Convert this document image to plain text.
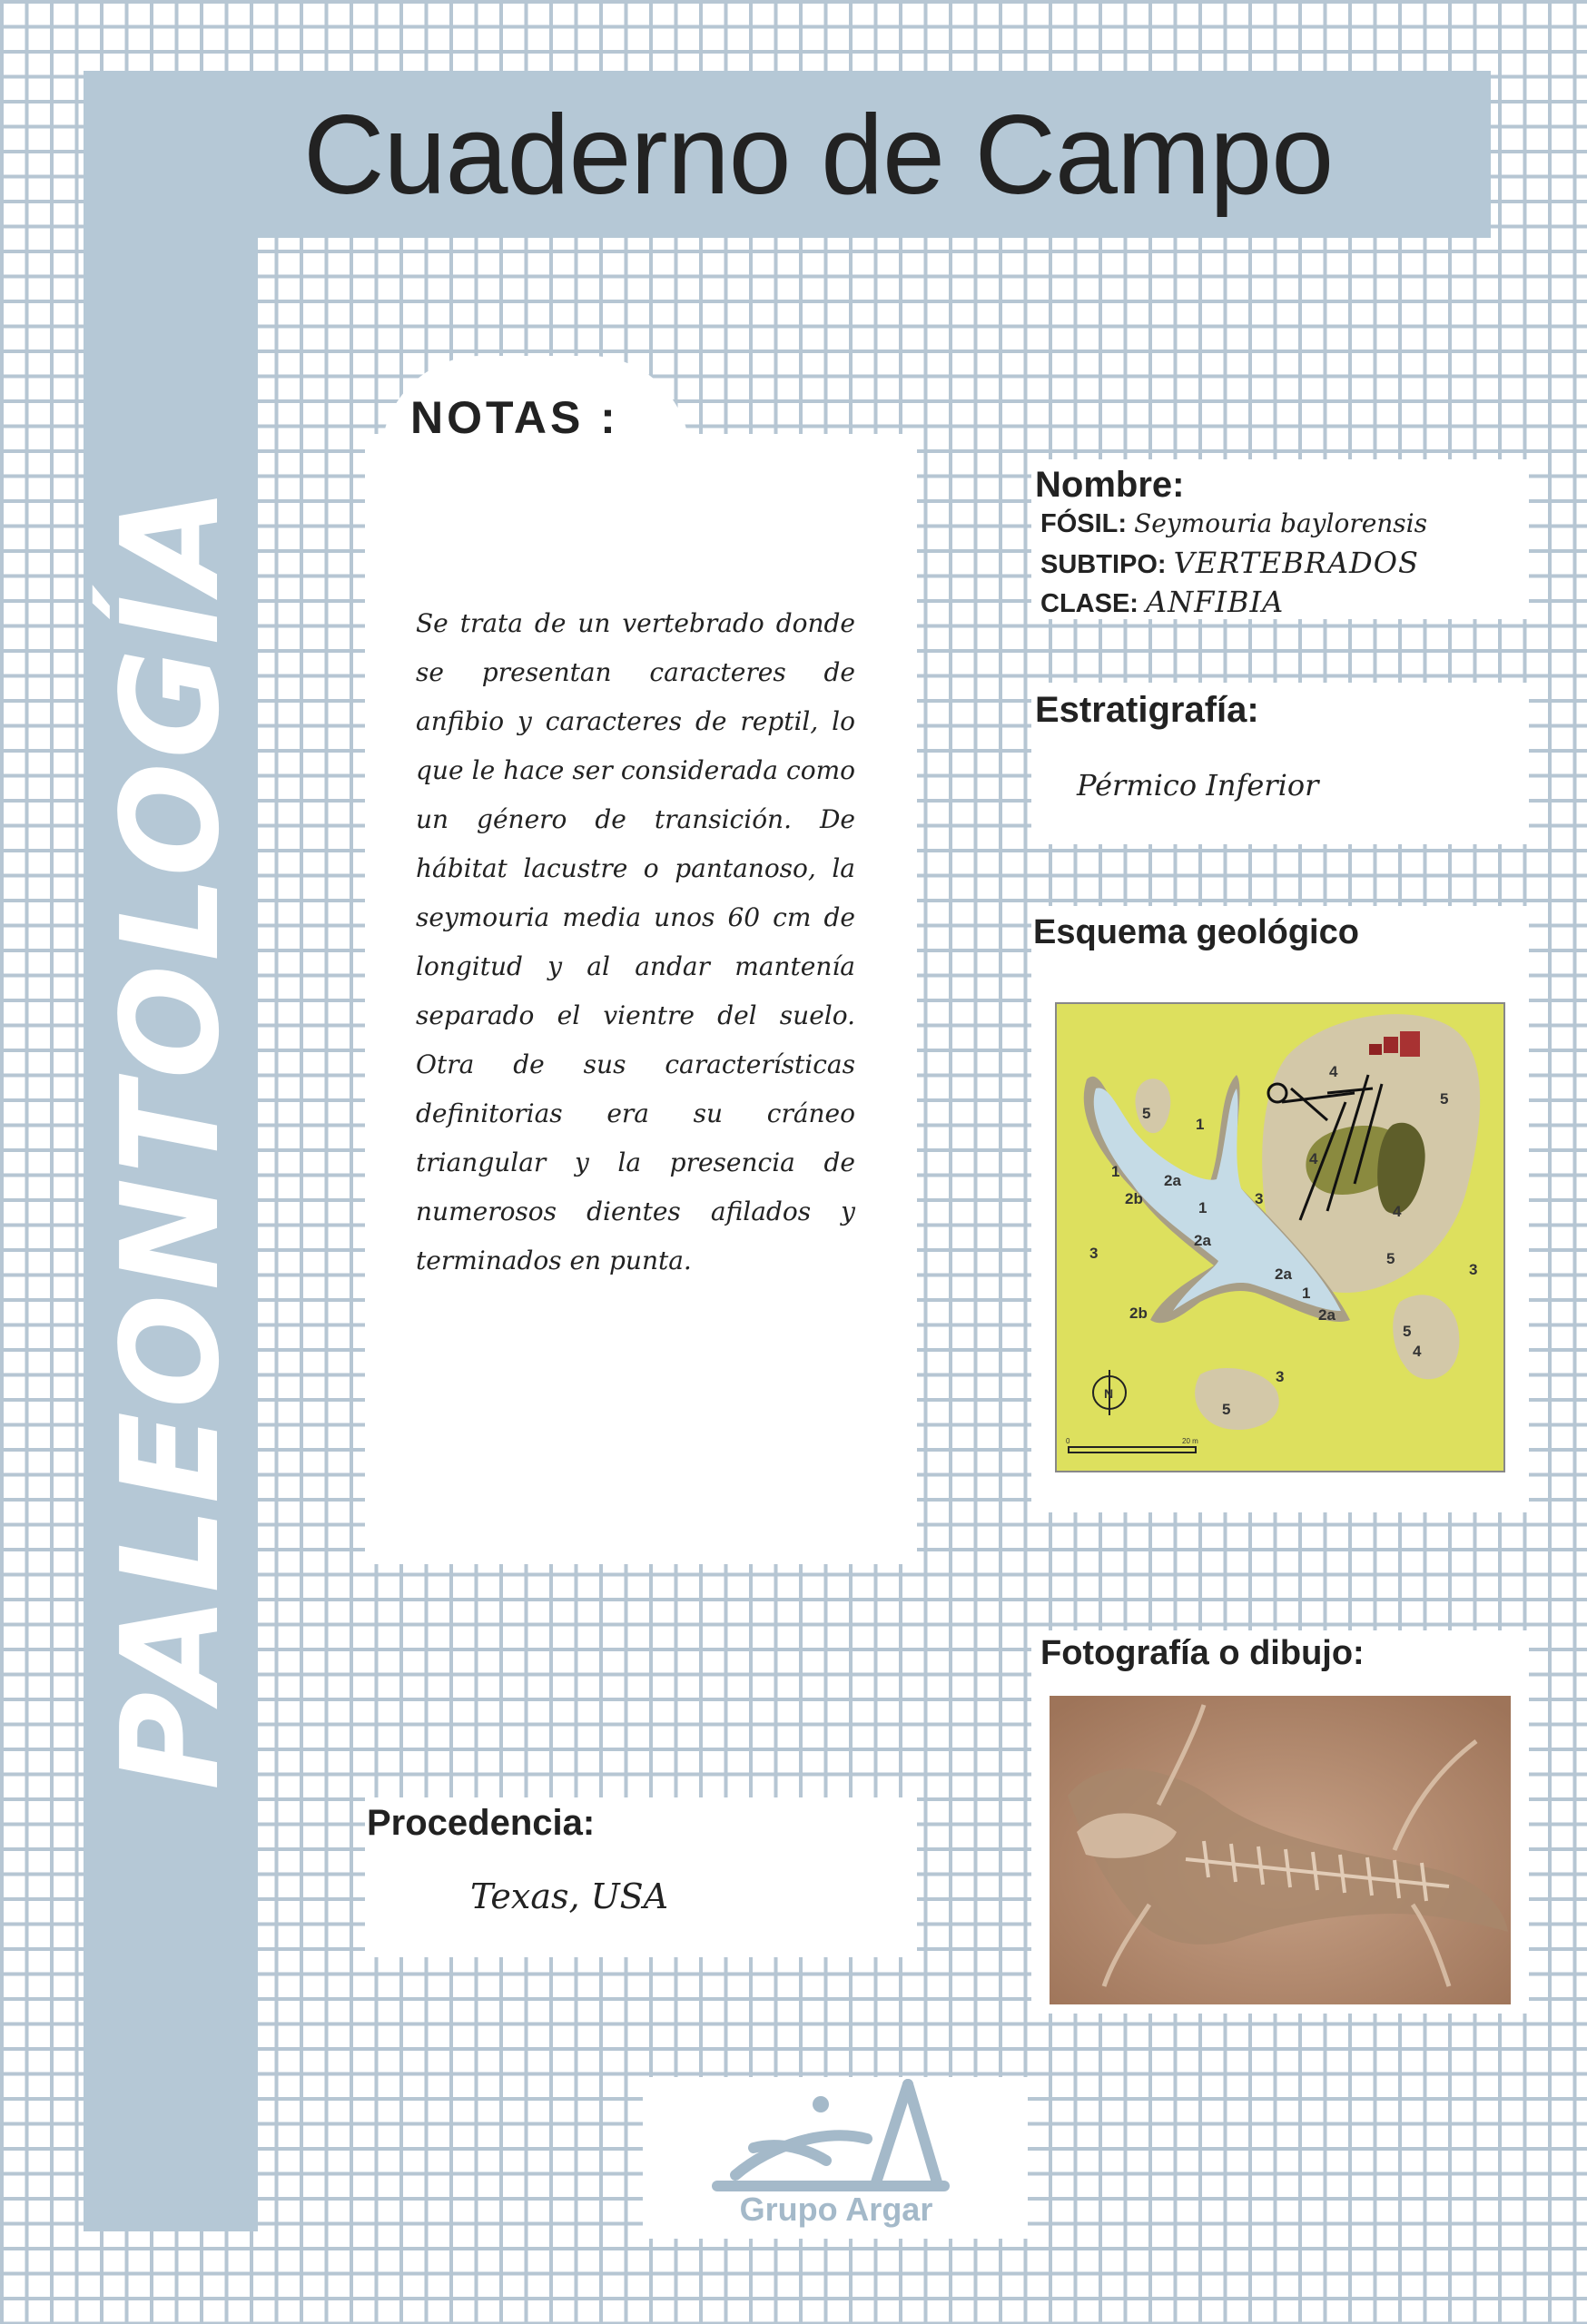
Cuaderno de Campo
PALEONTOLOGÍA
NOTAS :
Se trata de un vertebrado donde se presentan caracteres de anfibio y caracteres de reptil, lo que le hace ser considerada como un género de transición. De hábitat lacustre o pantanoso, la seymouria media unos 60 cm de longitud y al andar mantenía separado el vientre del suelo. Otra de sus características definitorias era su cráneo triangular y la presencia de numerosos dientes afilados y terminados en punta.
Nombre:
FÓSIL: Seymouria baylorensis
SUBTIPO: VERTEBRADOS
CLASE: ANFIBIA
Estratigrafía:
Pérmico Inferior
Esquema geológico
5
1
1
2a
2b
1
3
2a
3
4
4
5
4
5
3
2a
1
2a
2b
5
4
3
5
N
0	20 m
Fotografía o dibujo:
Procedencia:
Texas, USA
Grupo Argar
